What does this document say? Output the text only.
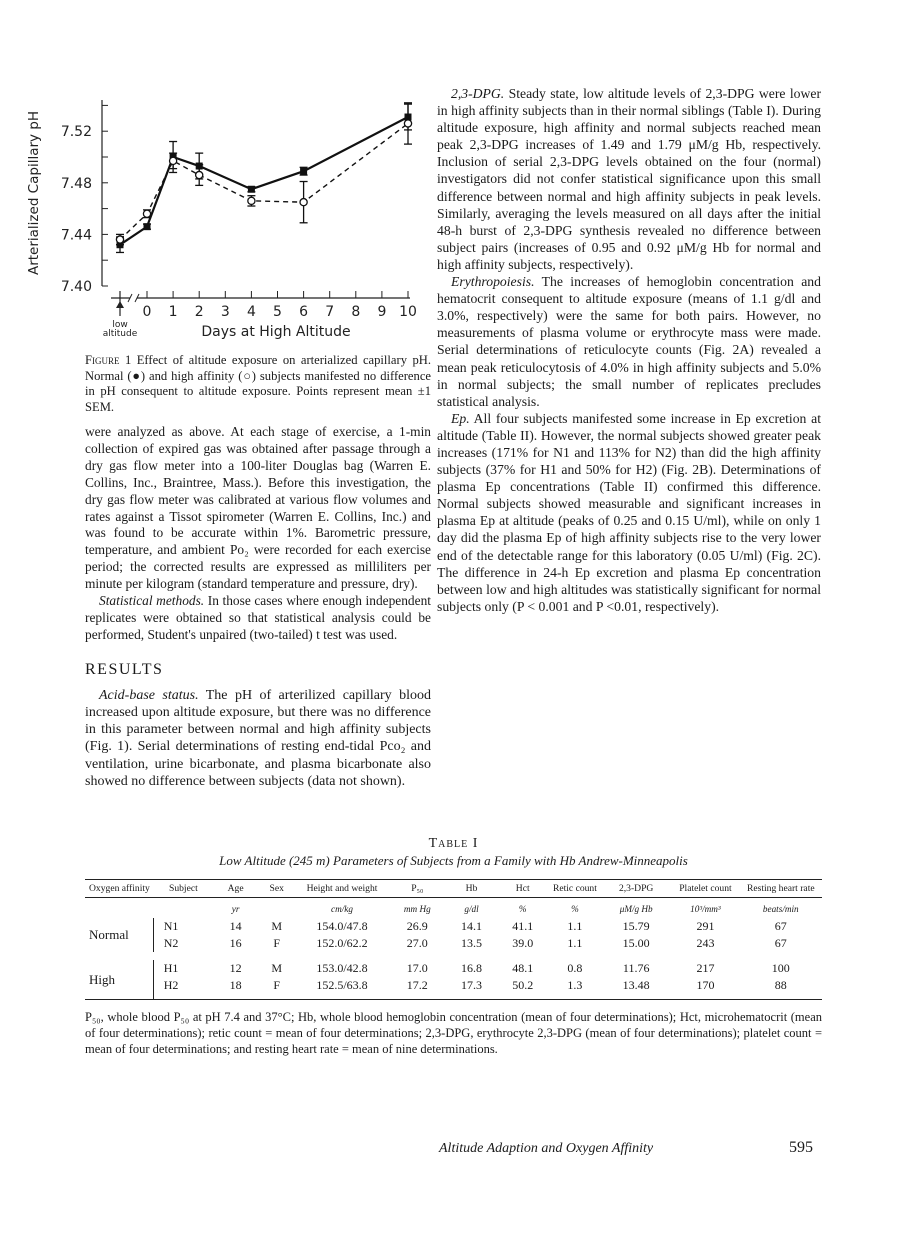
7.40
7.44
7.48
7.52
Arterialized Capillary pH
0 1 2 3 4 5 6 7 8 9 10
low
altitude	Days at High Altitude
Figure 1 Effect of altitude exposure on arterialized capillary pH. Normal (●) and high affinity (○) subjects manifested no difference in pH consequent to altitude exposure. Points represent mean ±1 SEM.

were analyzed as above. At each stage of exercise, a 1-min collection of expired gas was obtained after passage through a dry gas flow meter into a 100-liter Douglas bag (Warren E. Collins, Inc., Braintree, Mass.). Before this investigation, the dry gas flow meter was calibrated at various flow volumes and rates against a Tissot spirometer (Warren E. Collins, Inc.) and was found to be accurate within 1%. Barometric pressure, temperature, and ambient Po₂ were recorded for each exercise period; the corrected results are expressed as milliliters per minute per kilogram (standard temperature and pressure, dry).

Statistical methods. In those cases where enough independent replicates were obtained so that statistical analysis could be performed, Student's unpaired (two-tailed) t test was used.

RESULTS

Acid-base status. The pH of arterilized capillary blood increased upon altitude exposure, but there was no difference in this parameter between normal and high affinity subjects (Fig. 1). Serial determinations of resting end-tidal Pco₂ and ventilation, urine bicarbonate, and plasma bicarbonate also showed no difference between subjects (data not shown).

2,3-DPG. Steady state, low altitude levels of 2,3-DPG were lower in high affinity subjects than in their normal siblings (Table I). During altitude exposure, high affinity and normal subjects reached mean peak 2,3-DPG increases of 1.49 and 1.79 μM/g Hb, respectively. Inclusion of serial 2,3-DPG levels obtained on the four (normal) investigators did not confer statistical significance upon this small difference between normal and high affinity subjects in peak levels. Similarly, averaging the levels measured on all days after the initial 48-h burst of 2,3-DPG synthesis revealed no difference between subject pairs (increases of 0.95 and 0.92 μM/g Hb for normal and high affinity subjects, respectively).

Erythropoiesis. The increases of hemoglobin concentration and hematocrit consequent to altitude exposure (means of 1.1 g/dl and 3.0%, respectively) were the same for both pairs. However, no measurements of plasma volume or erythrocyte mass were made. Serial determinations of reticulocyte counts (Fig. 2A) revealed a mean peak reticulocytosis of 4.0% in high affinity subjects and 5.0% in normal subjects; the small number of replicates precludes statistical analysis.

Ep. All four subjects manifested some increase in Ep excretion at altitude (Table II). However, the normal subjects showed greater peak increases (171% for N1 and 113% for N2) than did the high affinity subjects (37% for H1 and 50% for H2) (Fig. 2B). Determinations of plasma Ep concentrations (Table II) confirmed this difference. Normal subjects showed measurable and significant increases in plasma Ep at altitude (peaks of 0.25 and 0.15 U/ml), while on only 1 day did the plasma Ep of high affinity subjects rise to the very lower end of the detectable range for this laboratory (0.05 U/ml) (Fig. 2C). The difference in 24-h Ep excretion and plasma Ep concentration between low and high altitudes was statistically significant for normal subjects only (P < 0.001 and P <0.01, respectively).

Table I
Low Altitude (245 m) Parameters of Subjects from a Family with Hb Andrew-Minneapolis
Oxygen affinity	Subject	Age	Sex	Height and weight	P₅₀	Hb	Hct	Retic count	2,3-DPG	Platelet count	Resting heart rate
		yr		cm/kg	mm Hg	g/dl	%	%	μM/g Hb	10³/mm³	beats/min
Normal	N1	14	M	154.0/47.8	26.9	14.1	41.1	1.1	15.79	291	67
	N2	16	F	152.0/62.2	27.0	13.5	39.0	1.1	15.00	243	67

High	H1	12	M	153.0/42.8	17.0	16.8	48.1	0.8	11.76	217	100
	H2	18	F	152.5/63.8	17.2	17.3	50.2	1.3	13.48	170	88
P₅₀, whole blood P₅₀ at pH 7.4 and 37°C; Hb, whole blood hemoglobin concentration (mean of four determinations); Hct, microhematocrit (mean of four determinations); retic count = mean of four determinations; 2,3-DPG, erythrocyte 2,3-DPG (mean of four determinations); platelet count = mean of four determinations; and resting heart rate = mean of nine determinations.
Altitude Adaption and Oxygen Affinity	595
